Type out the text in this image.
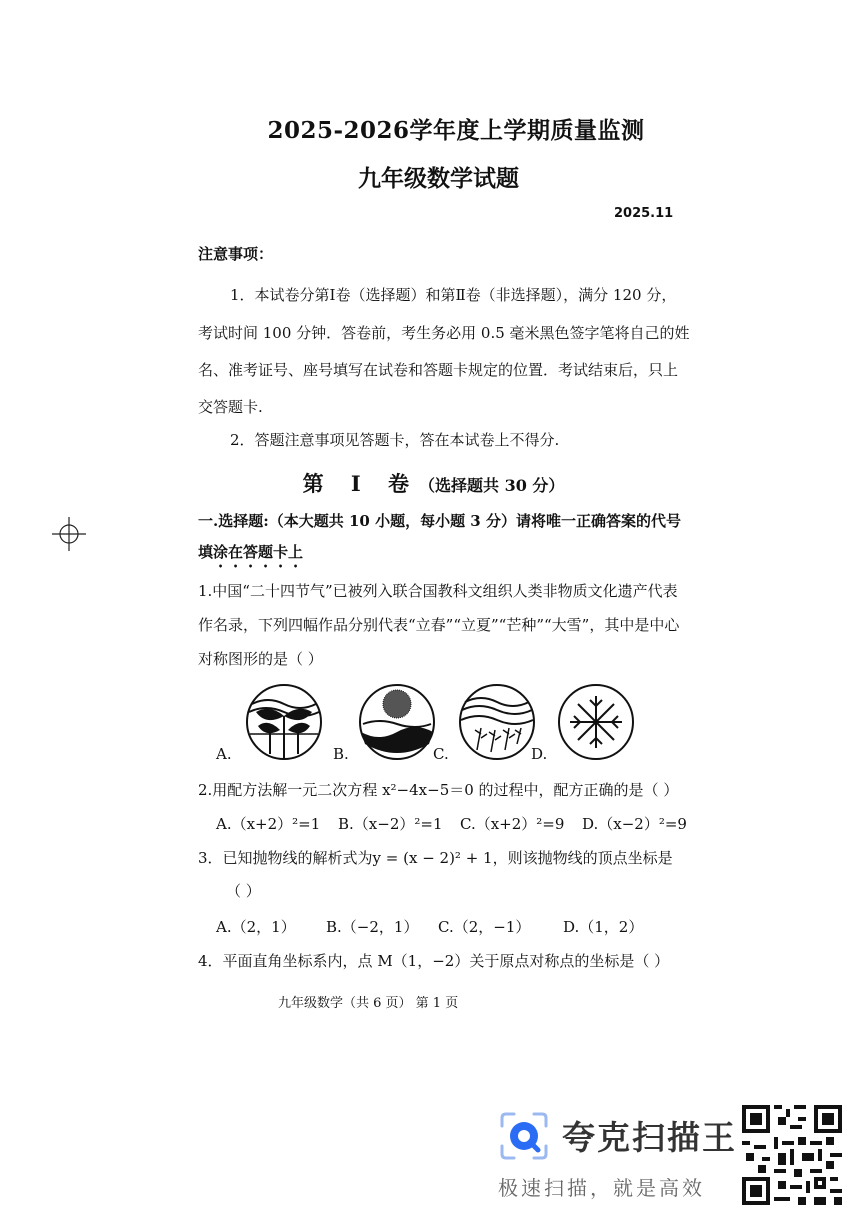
2025-2026学年度上学期质量监测
九年级数学试题
2025.11
注意事项：
1．本试卷分第Ⅰ卷（选择题）和第Ⅱ卷（非选择题），满分 120 分，
考试时间 100 分钟．答卷前，考生务必用 0.5 毫米黑色签字笔将自己的姓
名、准考证号、座号填写在试卷和答题卡规定的位置．考试结束后，只上
交答题卡.
2．答题注意事项见答题卡，答在本试卷上不得分.
第 Ⅰ 卷（选择题共 30 分）
一.选择题:（本大题共 10 小题，每小题 3 分）请将唯一正确答案的代号
填涂在答题卡上
1.中国“二十四节气”已被列入联合国教科文组织人类非物质文化遗产代表
作名录，下列四幅作品分别代表“立春”“立夏”“芒种”“大雪”，其中是中心
对称图形的是（ ）
A.	B.	C.	D.
2.用配方法解一元二次方程 x²−4x−5＝0 的过程中，配方正确的是（ ）
A.（x+2）²=1 B.（x−2）²=1 C.（x+2）²=9 D.（x−2）²=9
3．已知抛物线的解析式为y = (x − 2)² + 1，则该抛物线的顶点坐标是
（ ）
A.（2，1） B.（−2，1） C.（2，−1） D.（1，2）
4．平面直角坐标系内，点 M（1，−2）关于原点对称点的坐标是（ ）
九年级数学（共 6 页） 第 1 页
夸克扫描王
极速扫描，就是高效
